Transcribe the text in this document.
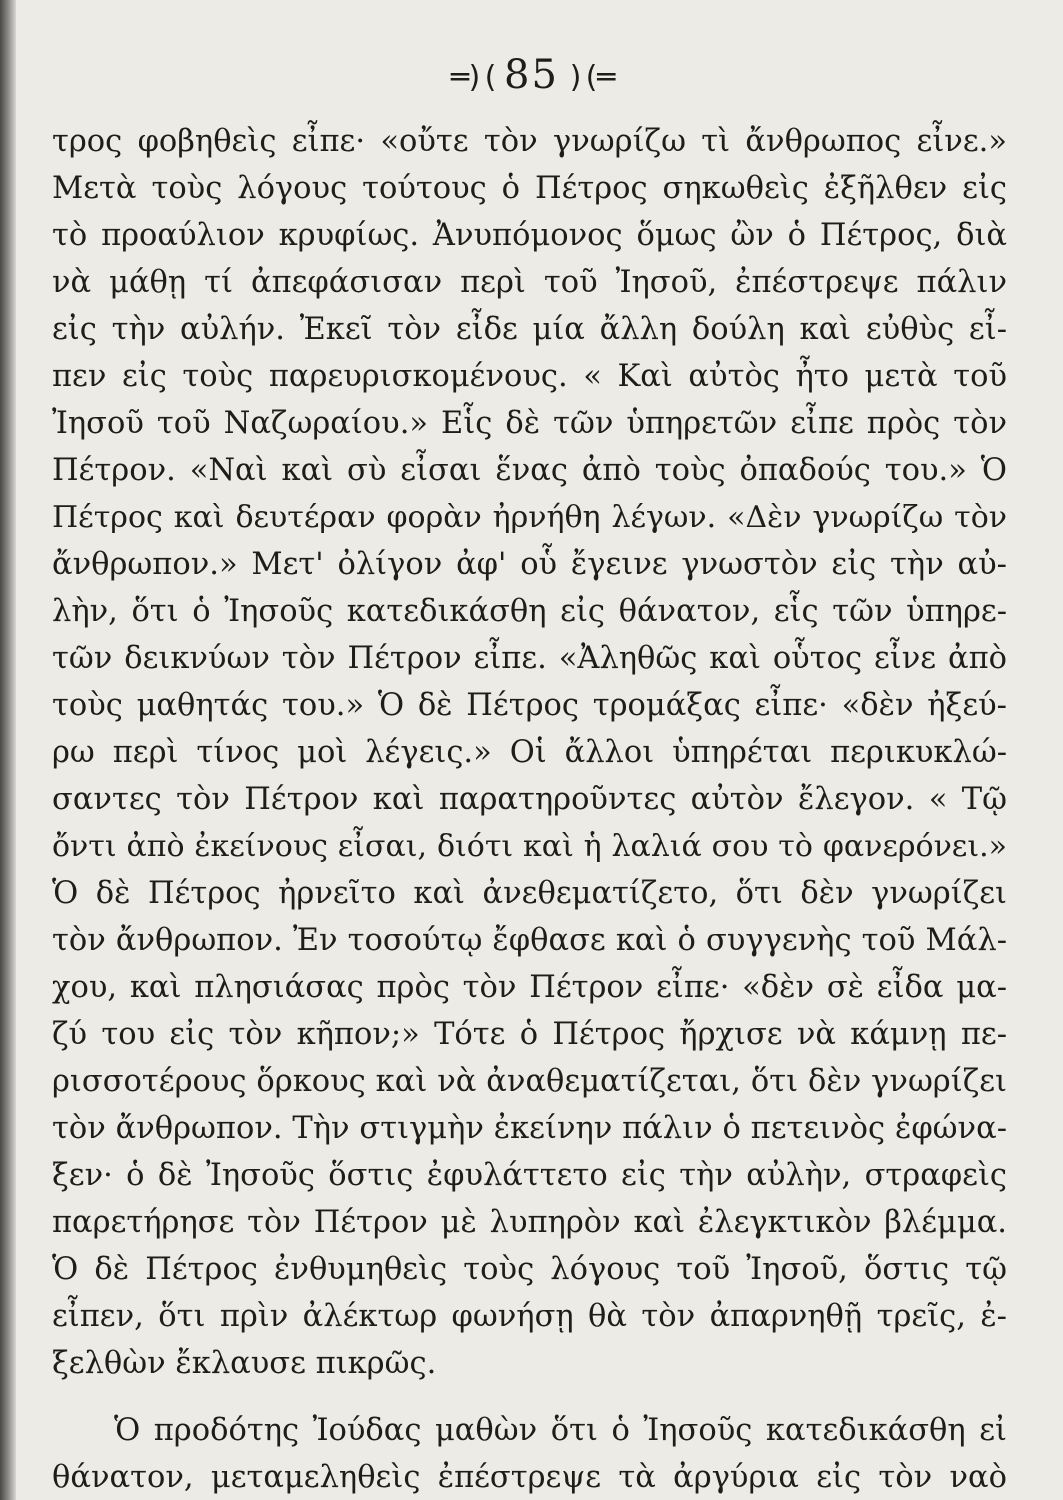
═)( 85 )(═
τρος φοβηθεὶς εἶπε· «οὔτε τὸν γνωρίζω τὶ ἄνθρωπος εἶνε.»
Μετὰ τοὺς λόγους τούτους ὁ Πέτρος σηκωθεὶς ἐξῆλθεν εἰς
τὸ προαύλιον κρυφίως. Ἀνυπόμονος ὅμως ὢν ὁ Πέτρος, διὰ
νὰ μάθῃ τί ἀπεφάσισαν περὶ τοῦ Ἰησοῦ, ἐπέστρεψε πάλιν
εἰς τὴν αὐλήν. Ἐκεῖ τὸν εἶδε μία ἄλλη δούλη καὶ εὐθὺς εἶ-
πεν εἰς τοὺς παρευρισκομένους. « Καὶ αὐτὸς ἦτο μετὰ τοῦ
Ἰησοῦ τοῦ Ναζωραίου.» Εἷς δὲ τῶν ὑπηρετῶν εἶπε πρὸς τὸν
Πέτρον. «Ναὶ καὶ σὺ εἶσαι ἕνας ἀπὸ τοὺς ὀπαδούς του.» Ὁ
Πέτρος καὶ δευτέραν φορὰν ἠρνήθη λέγων. «Δὲν γνωρίζω τὸν
ἄνθρωπον.» Μετ' ὀλίγον ἀφ' οὗ ἔγεινε γνωστὸν εἰς τὴν αὐ-
λὴν, ὅτι ὁ Ἰησοῦς κατεδικάσθη εἰς θάνατον, εἷς τῶν ὑπηρε-
τῶν δεικνύων τὸν Πέτρον εἶπε. «Ἀληθῶς καὶ οὗτος εἶνε ἀπὸ
τοὺς μαθητάς του.» Ὁ δὲ Πέτρος τρομάξας εἶπε· «δὲν ἠξεύ-
ρω περὶ τίνος μοὶ λέγεις.» Οἱ ἄλλοι ὑπηρέται περικυκλώ-
σαντες τὸν Πέτρον καὶ παρατηροῦντες αὐτὸν ἔλεγον. « Τῷ
ὄντι ἀπὸ ἐκείνους εἶσαι, διότι καὶ ἡ λαλιά σου τὸ φανερόνει.»
Ὁ δὲ Πέτρος ἠρνεῖτο καὶ ἀνεθεματίζετο, ὅτι δὲν γνωρίζει
τὸν ἄνθρωπον. Ἐν τοσούτῳ ἔφθασε καὶ ὁ συγγενὴς τοῦ Μάλ-
χου, καὶ πλησιάσας πρὸς τὸν Πέτρον εἶπε· «δὲν σὲ εἶδα μα-
ζύ του εἰς τὸν κῆπον;» Τότε ὁ Πέτρος ἤρχισε νὰ κάμνῃ πε-
ρισσοτέρους ὅρκους καὶ νὰ ἀναθεματίζεται, ὅτι δὲν γνωρίζει
τὸν ἄνθρωπον. Τὴν στιγμὴν ἐκείνην πάλιν ὁ πετεινὸς ἐφώνα-
ξεν· ὁ δὲ Ἰησοῦς ὅστις ἐφυλάττετο εἰς τὴν αὐλὴν, στραφεὶς
παρετήρησε τὸν Πέτρον μὲ λυπηρὸν καὶ ἐλεγκτικὸν βλέμμα.
Ὁ δὲ Πέτρος ἐνθυμηθεὶς τοὺς λόγους τοῦ Ἰησοῦ, ὅστις τῷ
εἶπεν, ὅτι πρὶν ἀλέκτωρ φωνήσῃ θὰ τὸν ἀπαρνηθῇ τρεῖς, ἐ-
ξελθὼν ἔκλαυσε πικρῶς.
Ὁ προδότης Ἰούδας μαθὼν ὅτι ὁ Ἰησοῦς κατεδικάσθη εἰ
θάνατον, μεταμεληθεὶς ἐπέστρεψε τὰ ἀργύρια εἰς τὸν ναὸ
